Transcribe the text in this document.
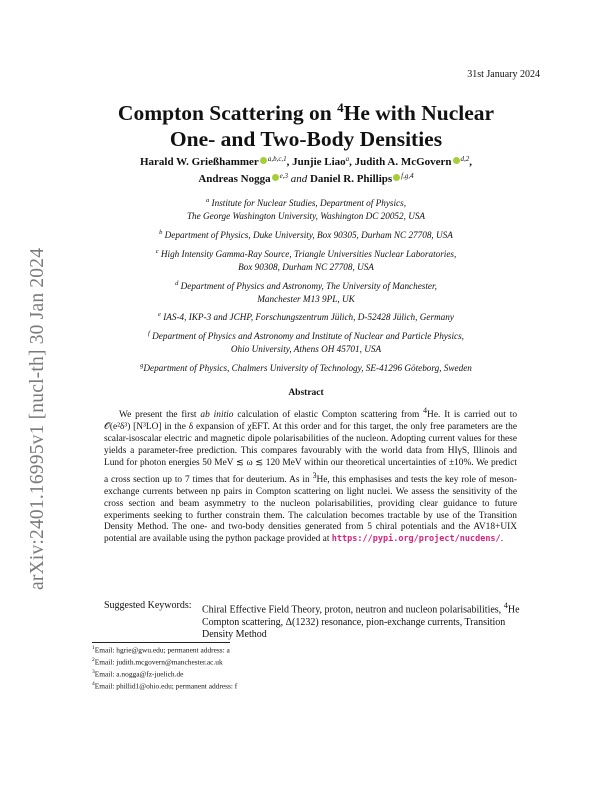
arXiv:2401.16995v1 [nucl-th] 30 Jan 2024
31st January 2024
Compton Scattering on $^4$He with Nuclear
One- and Two-Body Densities
Harald W. Grießhammer $^{a,b,c,1}$, Junjie Liao$^a$, Judith A. McGovern $^{d,2}$,
Andreas Nogga $^{e,3}$ and Daniel R. Phillips $^{f,g,4}$
$^a$ Institute for Nuclear Studies, Department of Physics,
The George Washington University, Washington DC 20052, USA
$^b$ Department of Physics, Duke University, Box 90305, Durham NC 27708, USA
$^c$ High Intensity Gamma-Ray Source, Triangle Universities Nuclear Laboratories,
Box 90308, Durham NC 27708, USA
$^d$ Department of Physics and Astronomy, The University of Manchester,
Manchester M13 9PL, UK
$^e$ IAS-4, IKP-3 and JCHP, Forschungszentrum Jülich, D-52428 Jülich, Germany
$^f$ Department of Physics and Astronomy and Institute of Nuclear and Particle Physics,
Ohio University, Athens OH 45701, USA
$^g$Department of Physics, Chalmers University of Technology, SE-41296 Göteborg, Sweden
Abstract
We present the first ab initio calculation of elastic Compton scattering from $^4$He. It is carried out to 𝒪(e²δ³) [N³LO] in the δ expansion of χEFT. At this order and for this target, the only free parameters are the scalar-isoscalar electric and magnetic dipole polarisabilities of the nucleon. Adopting current values for these yields a parameter-free prediction. This compares favourably with the world data from HIγS, Illinois and Lund for photon energies 50 MeV ≲ ω ≲ 120 MeV within our theoretical uncertainties of ±10%. We predict a cross section up to 7 times that for deuterium. As in $^3$He, this emphasises and tests the key role of meson-exchange currents between np pairs in Compton scattering on light nuclei. We assess the sensitivity of the cross section and beam asymmetry to the nucleon polarisabilities, providing clear guidance to future experiments seeking to further constrain them. The calculation becomes tractable by use of the Transition Density Method. The one- and two-body densities generated from 5 chiral potentials and the AV18+UIX potential are available using the python package provided at https://pypi.org/project/nucdens/.
Suggested Keywords: Chiral Effective Field Theory, proton, neutron and nucleon polarisabilities, $^4$He Compton scattering, Δ(1232) resonance, pion-exchange currents, Transition Density Method
$^1$Email: hgrie@gwu.edu; permanent address: a
$^2$Email: judith.mcgovern@manchester.ac.uk
$^3$Email: a.nogga@fz-juelich.de
$^4$Email: phillid1@ohio.edu; permanent address: f
